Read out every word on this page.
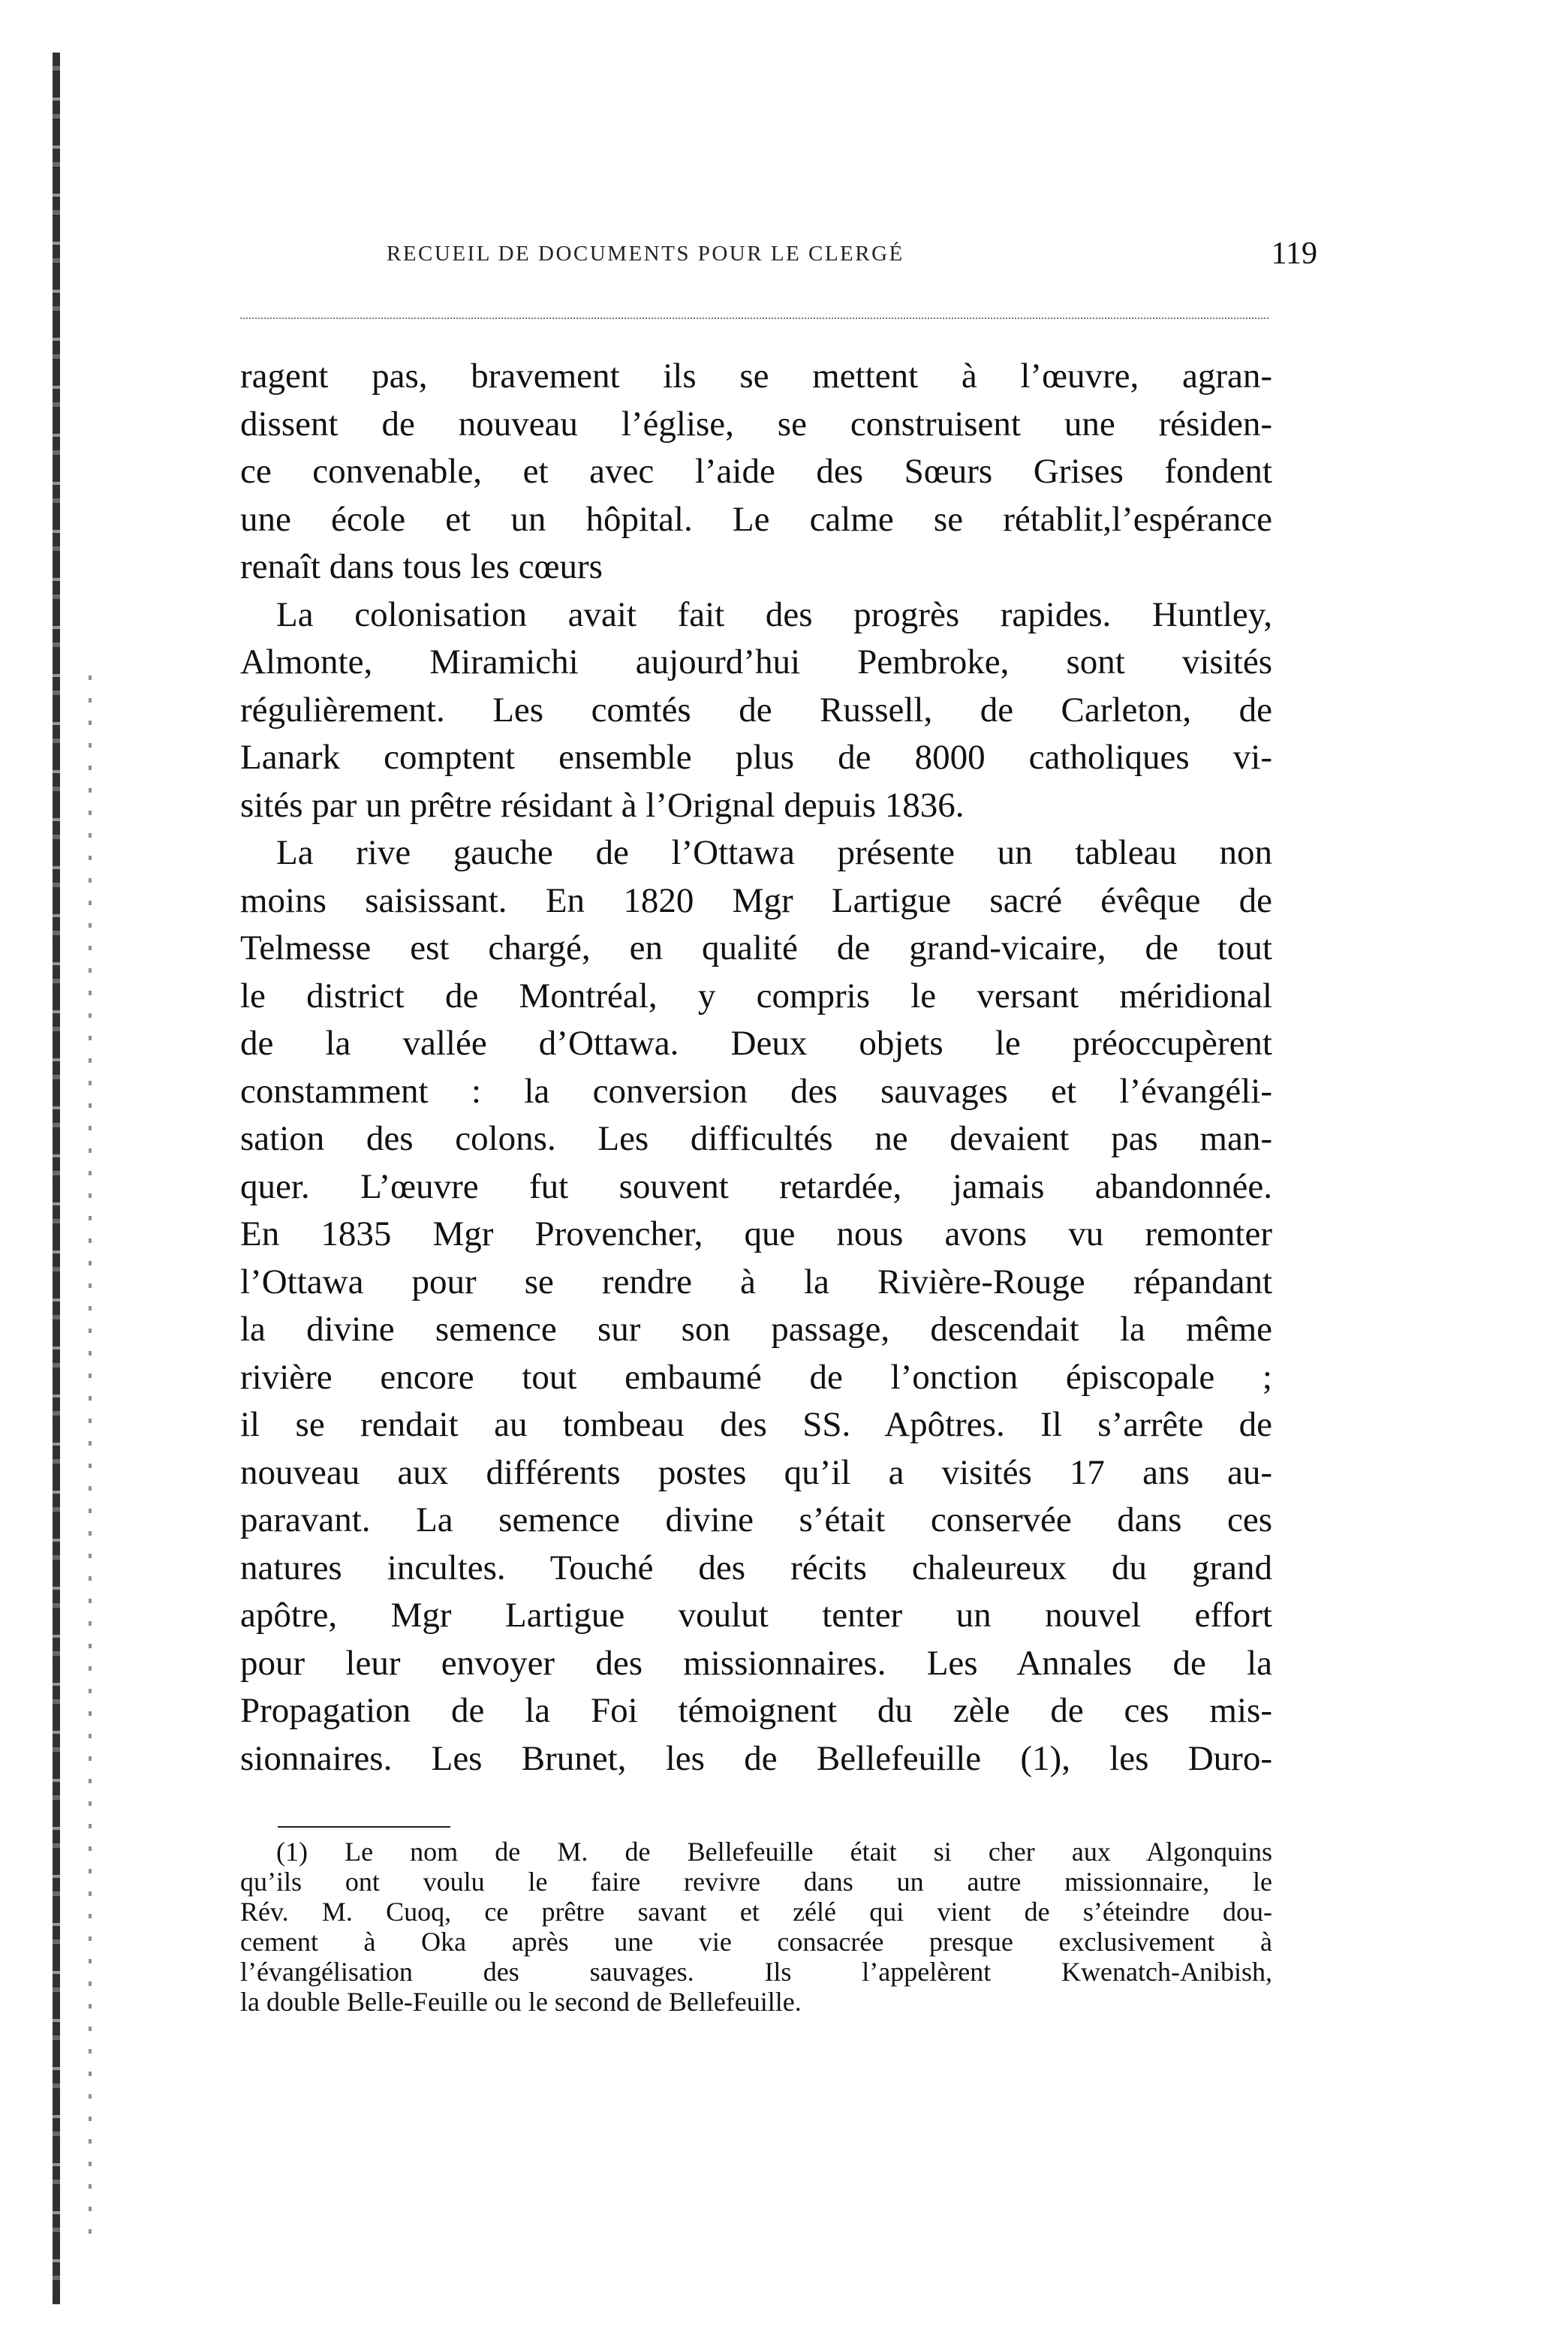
RECUEIL DE DOCUMENTS POUR LE CLERGÉ	119
ragent pas, bravement ils se mettent à l’œuvre, agran-
dissent de nouveau l’église, se construisent une résiden-
ce convenable, et avec l’aide des Sœurs Grises fondent
une école et un hôpital. Le calme se rétablit,l’espérance
renaît dans tous les cœurs
La colonisation avait fait des progrès rapides. Huntley,
Almonte, Miramichi aujourd’hui Pembroke, sont visités
régulièrement. Les comtés de Russell, de Carleton, de
Lanark comptent ensemble plus de 8000 catholiques vi-
sités par un prêtre résidant à l’Orignal depuis 1836.
La rive gauche de l’Ottawa présente un tableau non
moins saisissant. En 1820 Mgr Lartigue sacré évêque de
Telmesse est chargé, en qualité de grand-vicaire, de tout
le district de Montréal, y compris le versant méridional
de la vallée d’Ottawa. Deux objets le préoccupèrent
constamment : la conversion des sauvages et l’évangéli-
sation des colons. Les difficultés ne devaient pas man-
quer. L’œuvre fut souvent retardée, jamais abandonnée.
En 1835 Mgr Provencher, que nous avons vu remonter
l’Ottawa pour se rendre à la Rivière-Rouge répandant
la divine semence sur son passage, descendait la même
rivière encore tout embaumé de l’onction épiscopale ;
il se rendait au tombeau des SS. Apôtres. Il s’arrête de
nouveau aux différents postes qu’il a visités 17 ans au-
paravant. La semence divine s’était conservée dans ces
natures incultes. Touché des récits chaleureux du grand
apôtre, Mgr Lartigue voulut tenter un nouvel effort
pour leur envoyer des missionnaires. Les Annales de la
Propagation de la Foi témoignent du zèle de ces mis-
sionnaires. Les Brunet, les de Bellefeuille (1), les Duro-
(1) Le nom de M. de Bellefeuille était si cher aux Algonquins
qu’ils ont voulu le faire revivre dans un autre missionnaire, le
Rév. M. Cuoq, ce prêtre savant et zélé qui vient de s’éteindre dou-
cement à Oka après une vie consacrée presque exclusivement à
l’évangélisation des sauvages. Ils l’appelèrent Kwenatch-Anibish,
la double Belle-Feuille ou le second de Bellefeuille.
